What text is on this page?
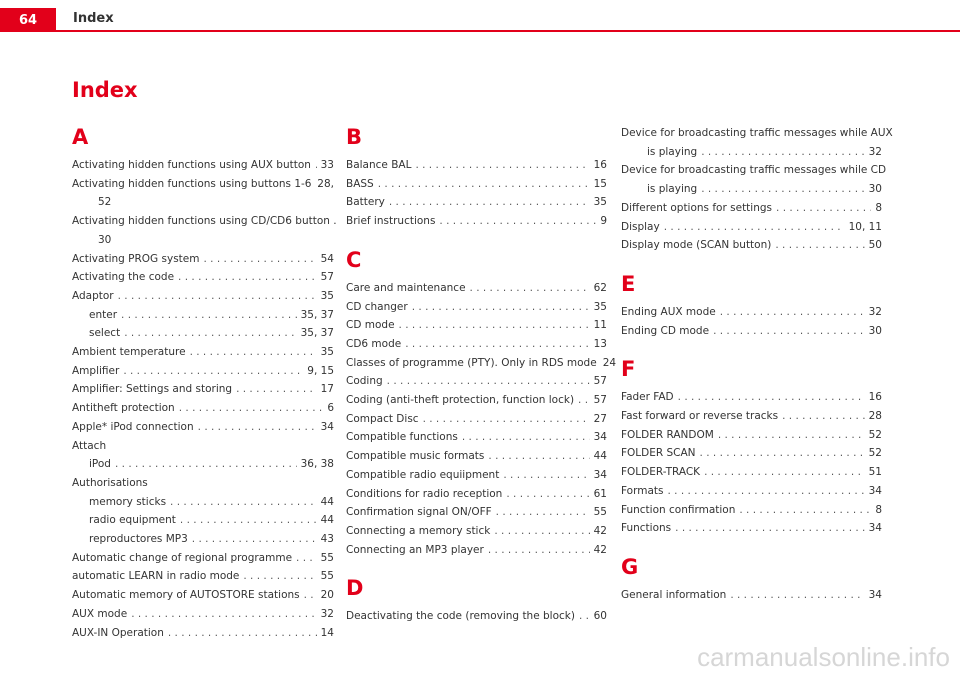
64	Index
Index
A
Activating hidden functions using AUX button . . . 33
Activating hidden functions using buttons 1-6 28,
52
Activating hidden functions using CD/CD6 button .
30
Activating PROG system . . .	54
Activating the code . . .	57
Adaptor . . .	35
enter . . .	35, 37
select . . .	35, 37
Ambient temperature . . .	35
Amplifier . . .	9, 15
Amplifier: Settings and storing . . .	17
Antitheft protection . . .	6
Apple* iPod connection . . .	34
Attach
iPod . . .	36, 38
Authorisations
memory sticks . . .	44
radio equipment . . .	44
reproductores MP3 . . .	43
Automatic change of regional programme . . .	55
automatic LEARN in radio mode . . .	55
Automatic memory of AUTOSTORE stations . . . 20
AUX mode . . .	32
AUX-IN Operation . . .	14
B
Balance BAL . . .	16
BASS . . .	15
Battery . . .	35
Brief instructions . . .	9
C
Care and maintenance . . .	62
CD changer . . .	35
CD mode . . .	11
CD6 mode . . .	13
Classes of programme (PTY). Only in RDS mode 24
Coding . . .	57
Coding (anti-theft protection, function lock) . . . 57
Compact Disc . . .	27
Compatible functions . . .	34
Compatible music formats . . .	44
Compatible radio equiipment . . .	34
Conditions for radio reception . . .	61
Confirmation signal ON/OFF . . .	55
Connecting a memory stick . . .	42
Connecting an MP3 player . . .	42
D
Deactivating the code (removing the block) . . . 60
Device for broadcasting traffic messages while AUX
is playing . . .	32
Device for broadcasting traffic messages while CD
is playing . . .	30
Different options for settings . . .	8
Display . . .	10, 11
Display mode (SCAN button) . . .	50
E
Ending AUX mode . . .	32
Ending CD mode . . .	30
F
Fader FAD . . .	16
Fast forward or reverse tracks . . .	28
FOLDER RANDOM . . .	52
FOLDER SCAN . . .	52
FOLDER-TRACK . . .	51
Formats . . .	34
Function confirmation . . .	8
Functions . . .	34
G
General information . . .	34
carmanualsonline.info
